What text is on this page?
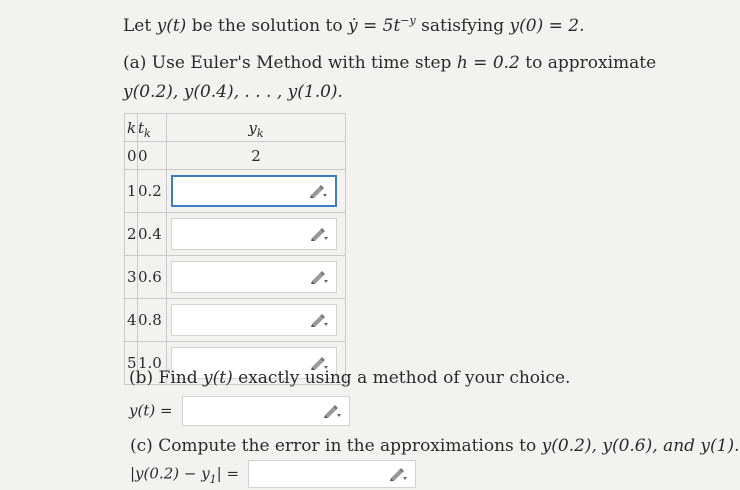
Let y(t) be the solution to ẏ = $5t^{-y}$ satisfying y(0) = 2.
(a) Use Euler's Method with time step h = 0.2 to approximate
y(0.2), y(0.4), . . . , y(1.0).
k	$t_k$	$y_k$
0	0	2
1	0.2	

2	0.4	

3	0.6	

4	0.8	

5	1.0	
(b) Find y(t) exactly using a method of your choice.
y(t) =
(c) Compute the error in the approximations to y(0.2), y(0.6), and y(1).
$|y(0.2) - y_1|$ =
